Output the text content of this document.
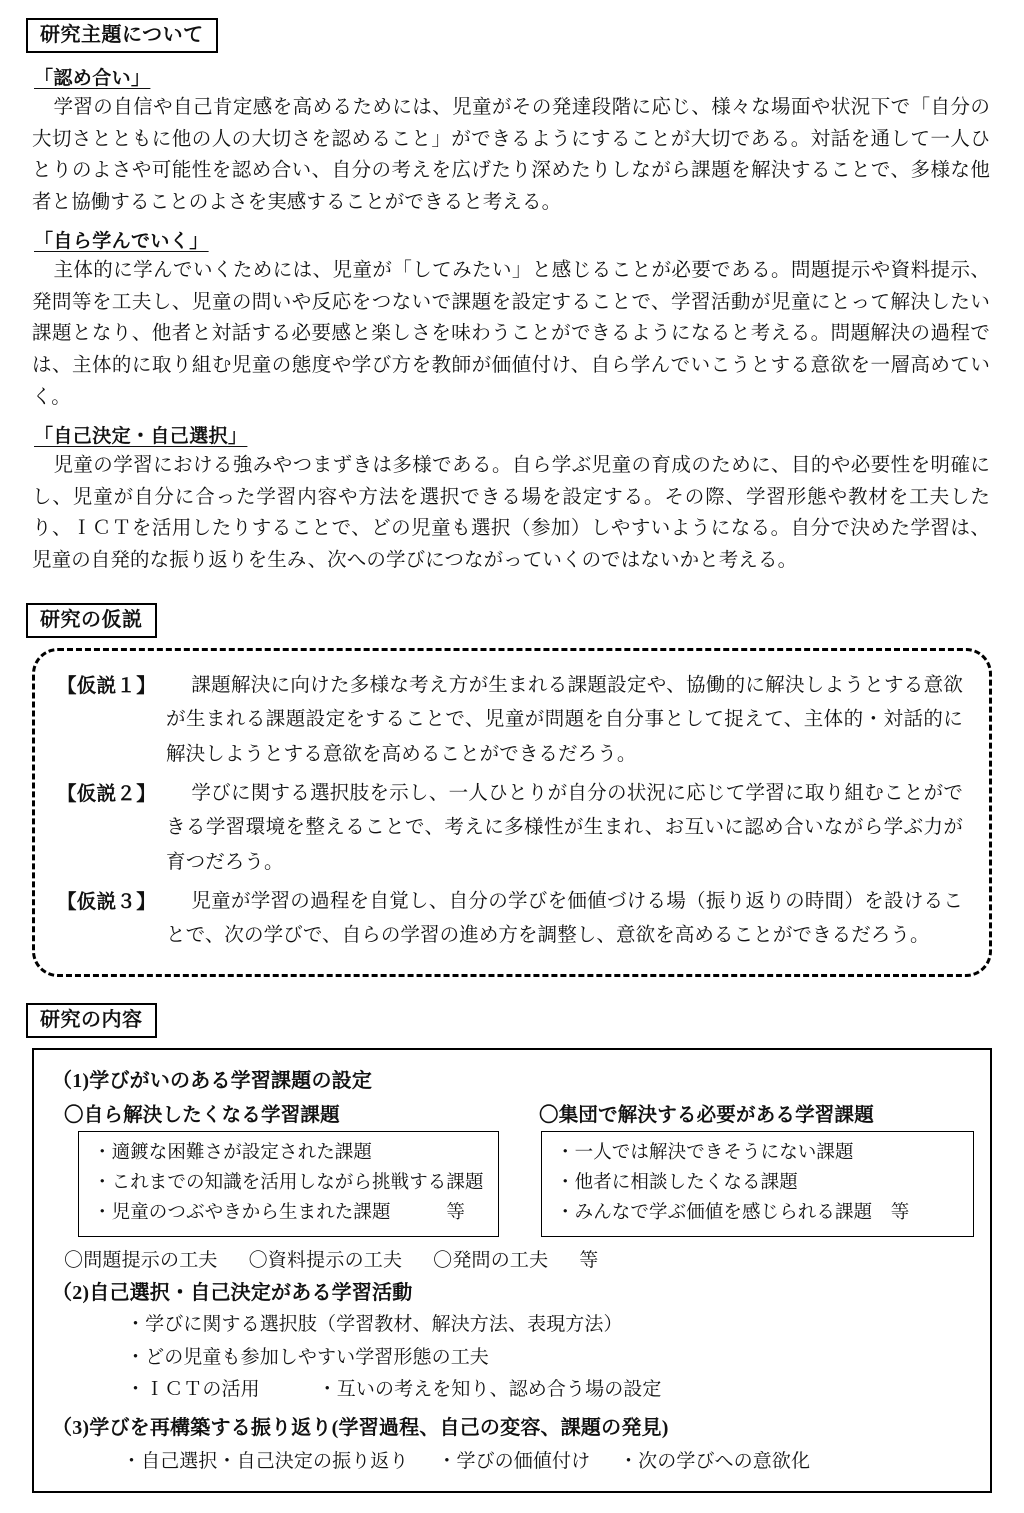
研究主題について
「認め合い」

学習の自信や自己肯定感を高めるためには、児童がその発達段階に応じ、様々な場面や状況下で「自分の大切さとともに他の人の大切さを認めること」ができるようにすることが大切である。対話を通して一人ひとりのよさや可能性を認め合い、自分の考えを広げたり深めたりしながら課題を解決することで、多様な他者と協働することのよさを実感することができると考える。

「自ら学んでいく」

主体的に学んでいくためには、児童が「してみたい」と感じることが必要である。問題提示や資料提示、発問等を工夫し、児童の問いや反応をつないで課題を設定することで、学習活動が児童にとって解決したい課題となり、他者と対話する必要感と楽しさを味わうことができるようになると考える。問題解決の過程では、主体的に取り組む児童の態度や学び方を教師が価値付け、自ら学んでいこうとする意欲を一層高めていく。

「自己決定・自己選択」

児童の学習における強みやつまずきは多様である。自ら学ぶ児童の育成のために、目的や必要性を明確にし、児童が自分に合った学習内容や方法を選択できる場を設定する。その際、学習形態や教材を工夫したり、ＩＣＴを活用したりすることで、どの児童も選択（参加）しやすいようになる。自分で決めた学習は、児童の自発的な振り返りを生み、次への学びにつながっていくのではないかと考える。

研究の仮説
【仮説１】	課題解決に向けた多様な考え方が生まれる課題設定や、協働的に解決しようとする意欲が生まれる課題設定をすることで、児童が問題を自分事として捉えて、主体的・対話的に解決しようとする意欲を高めることができるだろう。
【仮説２】	学びに関する選択肢を示し、一人ひとりが自分の状況に応じて学習に取り組むことができる学習環境を整えることで、考えに多様性が生まれ、お互いに認め合いながら学ぶ力が育つだろう。
【仮説３】	児童が学習の過程を自覚し、自分の学びを価値づける場（振り返りの時間）を設けることで、次の学びで、自らの学習の進め方を調整し、意欲を高めることができるだろう。
研究の内容
（1)学びがいのある学習課題の設定
〇自ら解決したくなる学習課題
・適鍍な困難さが設定された課題
・これまでの知識を活用しながら挑戦する課題
・児童のつぶやきから生まれた課題　　　等
〇集団で解決する必要がある学習課題
・一人では解決できそうにない課題
・他者に相談したくなる課題
・みんなで学ぶ価値を感じられる課題　等
〇問題提示の工夫 〇資料提示の工夫 〇発問の工夫 等
（2)自己選択・自己決定がある学習活動
・学びに関する選択肢（学習教材、解決方法、表現方法）
・どの児童も参加しやすい学習形態の工夫
・ＩＣＴの活用	・互いの考えを知り、認め合う場の設定
（3)学びを再構築する振り返り(学習過程、自己の変容、課題の発見)
・自己選択・自己決定の振り返り ・学びの価値付け ・次の学びへの意欲化
